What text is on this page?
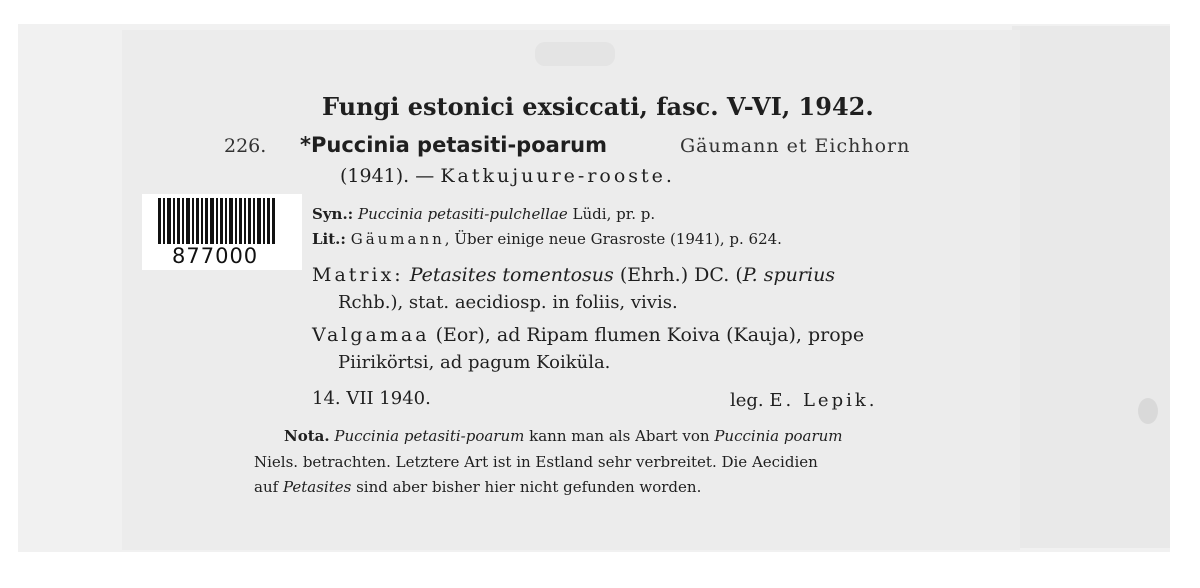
877000
Fungi estonici exsiccati, fasc. V-VI, 1942.
226. *Puccinia petasiti-poarum	Gäumann et Eichhorn
(1941). — Katkujuure-rooste.
Syn.: Puccinia petasiti-pulchellae Lüdi, pr. p.
Lit.: Gäumann, Über einige neue Grasroste (1941), p. 624.
Matrix: Petasites tomentosus (Ehrh.) DC. (P. spurius
Rchb.), stat. aecidiosp. in foliis, vivis.
Valgamaa (Eor), ad Ripam flumen Koiva (Kauja), prope
Piirikörtsi, ad pagum Koiküla.
14. VII 1940.	leg. E. Lepik.
Nota. Puccinia petasiti-poarum kann man als Abart von Puccinia poarum
Niels. betrachten. Letztere Art ist in Estland sehr verbreitet. Die Aecidien
auf Petasites sind aber bisher hier nicht gefunden worden.
